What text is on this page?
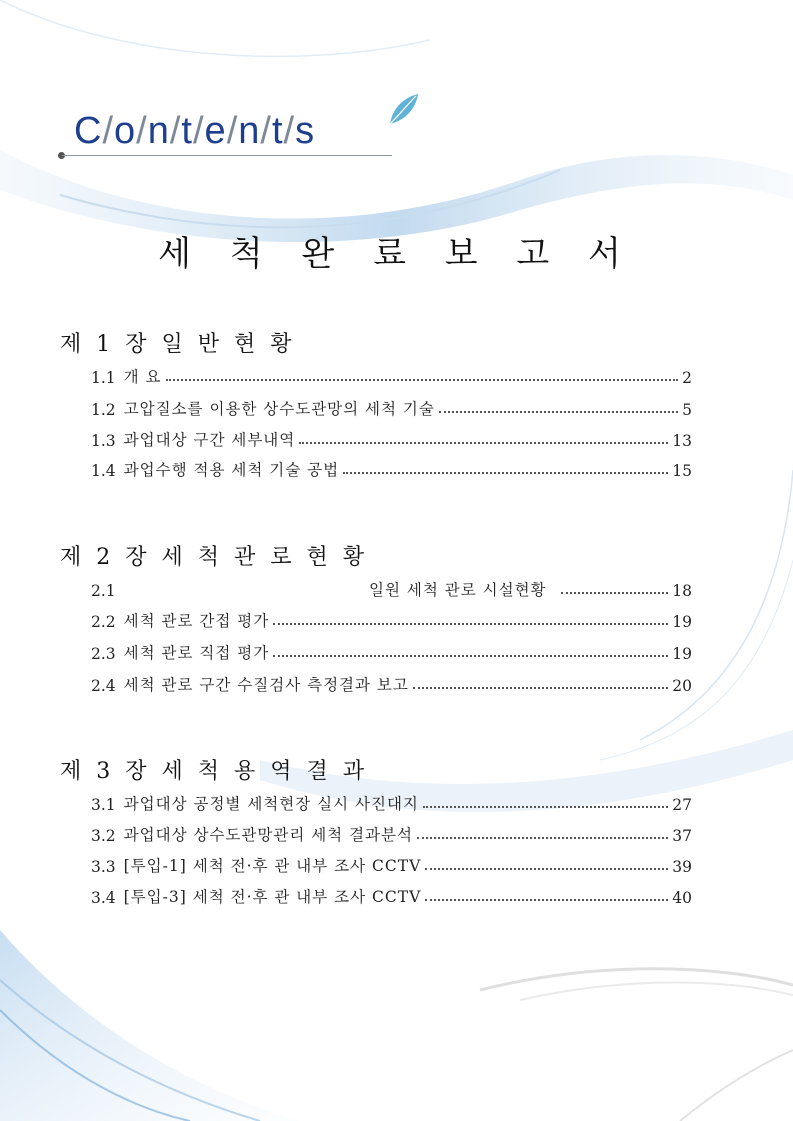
C/o/n/t/e/n/t/s
세 척 완 료 보 고 서
제 1 장 일 반 현 황
1.1 개 요	2
1.2 고압질소를 이용한 상수도관망의 세척 기술	5
1.3 과업대상 구간 세부내역	13
1.4 과업수행 적용 세척 기술 공법	15
제 2 장 세 척 관 로 현 황
2.1	일원 세척 관로 시설현황	18
2.2 세척 관로 간접 평가	19
2.3 세척 관로 직접 평가	19
2.4 세척 관로 구간 수질검사 측정결과 보고	20
제 3 장 세 척 용 역 결 과
3.1 과업대상 공정별 세척현장 실시 사진대지	27
3.2 과업대상 상수도관망관리 세척 결과분석	37
3.3 [투입-1] 세척 전·후 관 내부 조사 CCTV	39
3.4 [투입-3] 세척 전·후 관 내부 조사 CCTV	40
